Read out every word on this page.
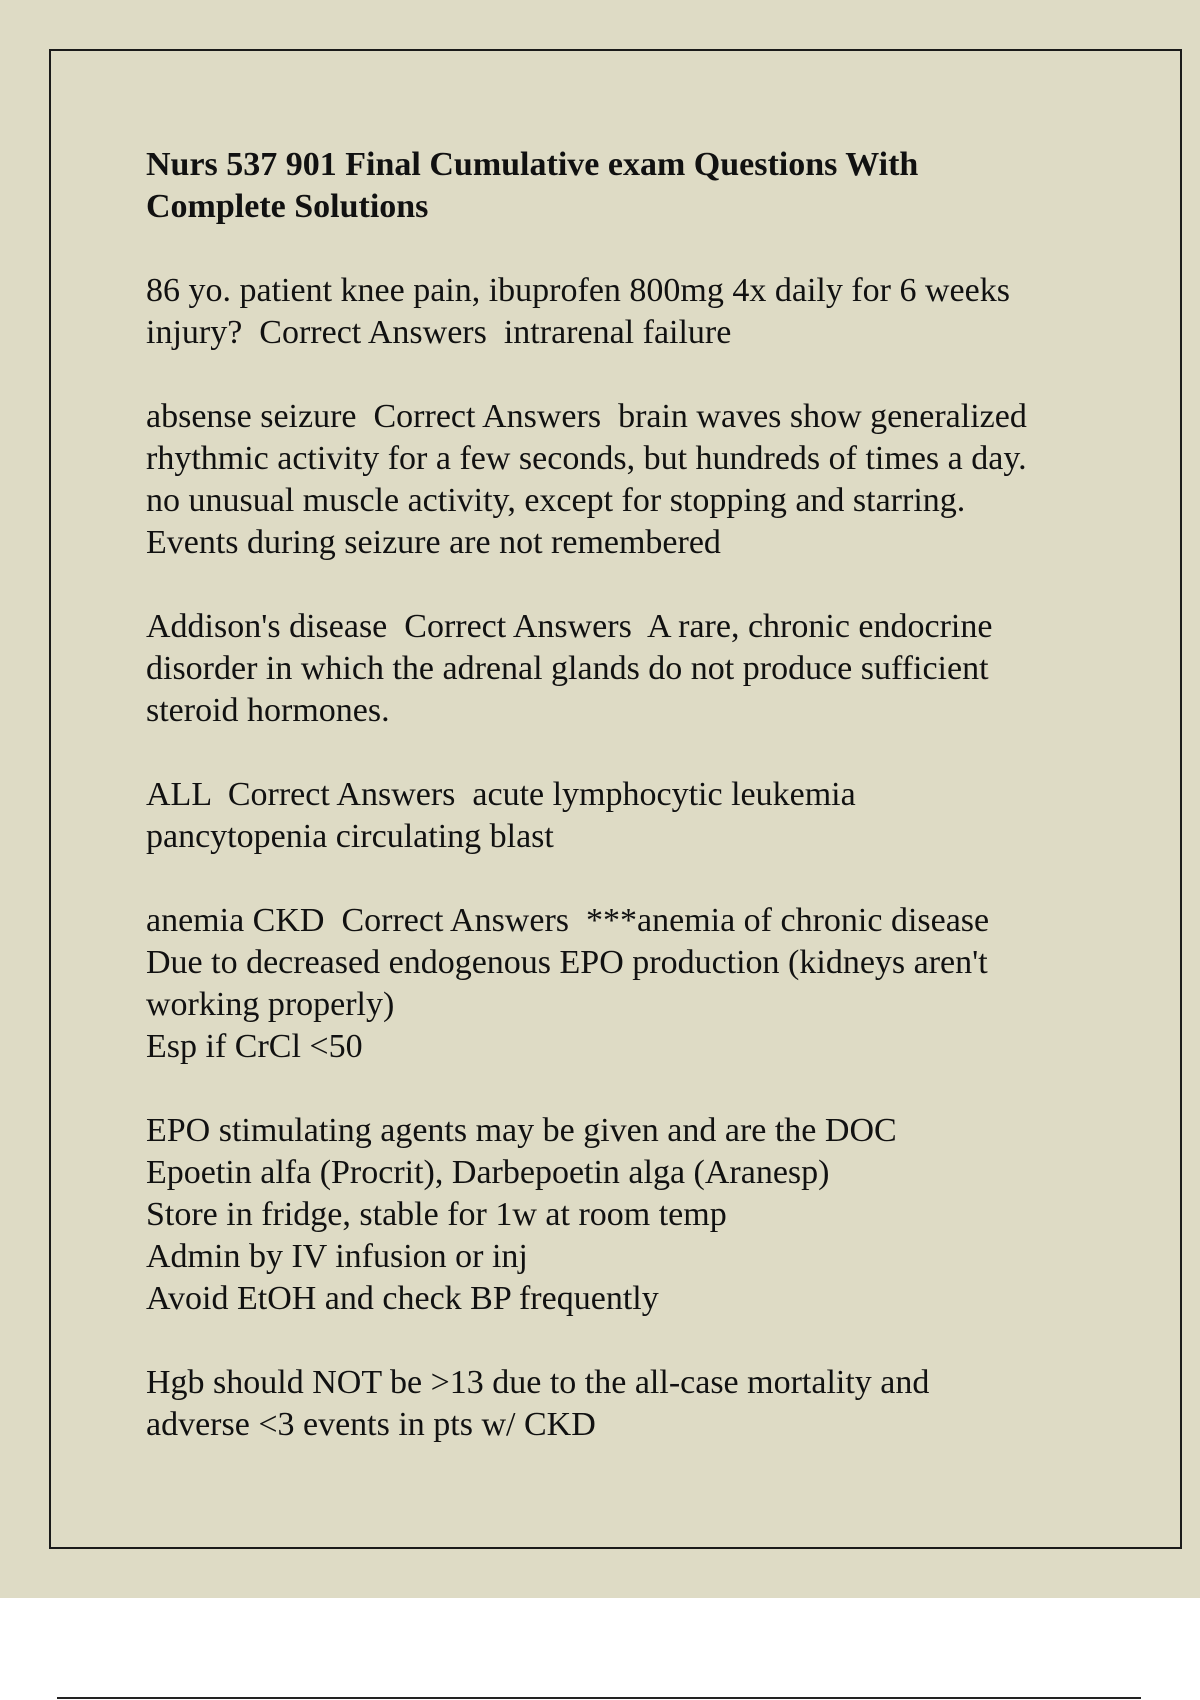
Nurs 537 901 Final Cumulative exam Questions With
Complete Solutions
86 yo. patient knee pain, ibuprofen 800mg 4x daily for 6 weeks
injury?  Correct Answers  intrarenal failure
absense seizure  Correct Answers  brain waves show generalized
rhythmic activity for a few seconds, but hundreds of times a day.
no unusual muscle activity, except for stopping and starring.
Events during seizure are not remembered
Addison's disease  Correct Answers  A rare, chronic endocrine
disorder in which the adrenal glands do not produce sufficient
steroid hormones.
ALL  Correct Answers  acute lymphocytic leukemia
pancytopenia circulating blast
anemia CKD  Correct Answers  ***anemia of chronic disease
Due to decreased endogenous EPO production (kidneys aren't
working properly)
Esp if CrCl <50
EPO stimulating agents may be given and are the DOC
Epoetin alfa (Procrit), Darbepoetin alga (Aranesp)
Store in fridge, stable for 1w at room temp
Admin by IV infusion or inj
Avoid EtOH and check BP frequently
Hgb should NOT be >13 due to the all-case mortality and
adverse <3 events in pts w/ CKD
